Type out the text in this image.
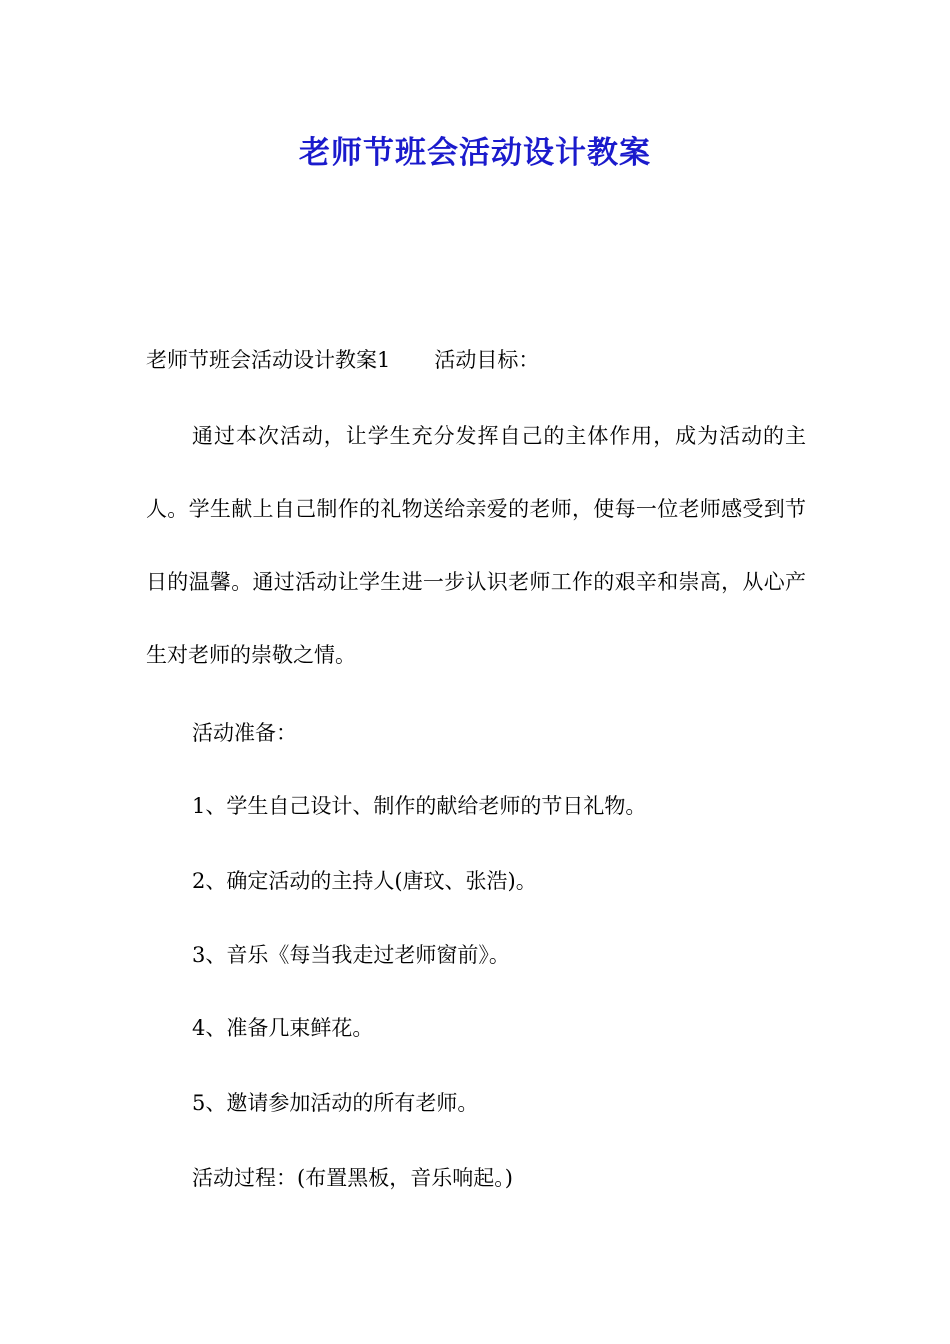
老师节班会活动设计教案
老师节班会活动设计教案1 活动目标：

通过本次活动，让学生充分发挥自己的主体作用，成为活动的主人。学生献上自己制作的礼物送给亲爱的老师，使每一位老师感受到节日的温馨。通过活动让学生进一步认识老师工作的艰辛和崇高，从心产生对老师的崇敬之情。

活动准备：
1、学生自己设计、制作的献给老师的节日礼物。
2、确定活动的主持人(唐玟、张浩)。
3、音乐《每当我走过老师窗前》。
4、准备几束鲜花。
5、邀请参加活动的所有老师。
活动过程：(布置黑板，音乐响起。)
